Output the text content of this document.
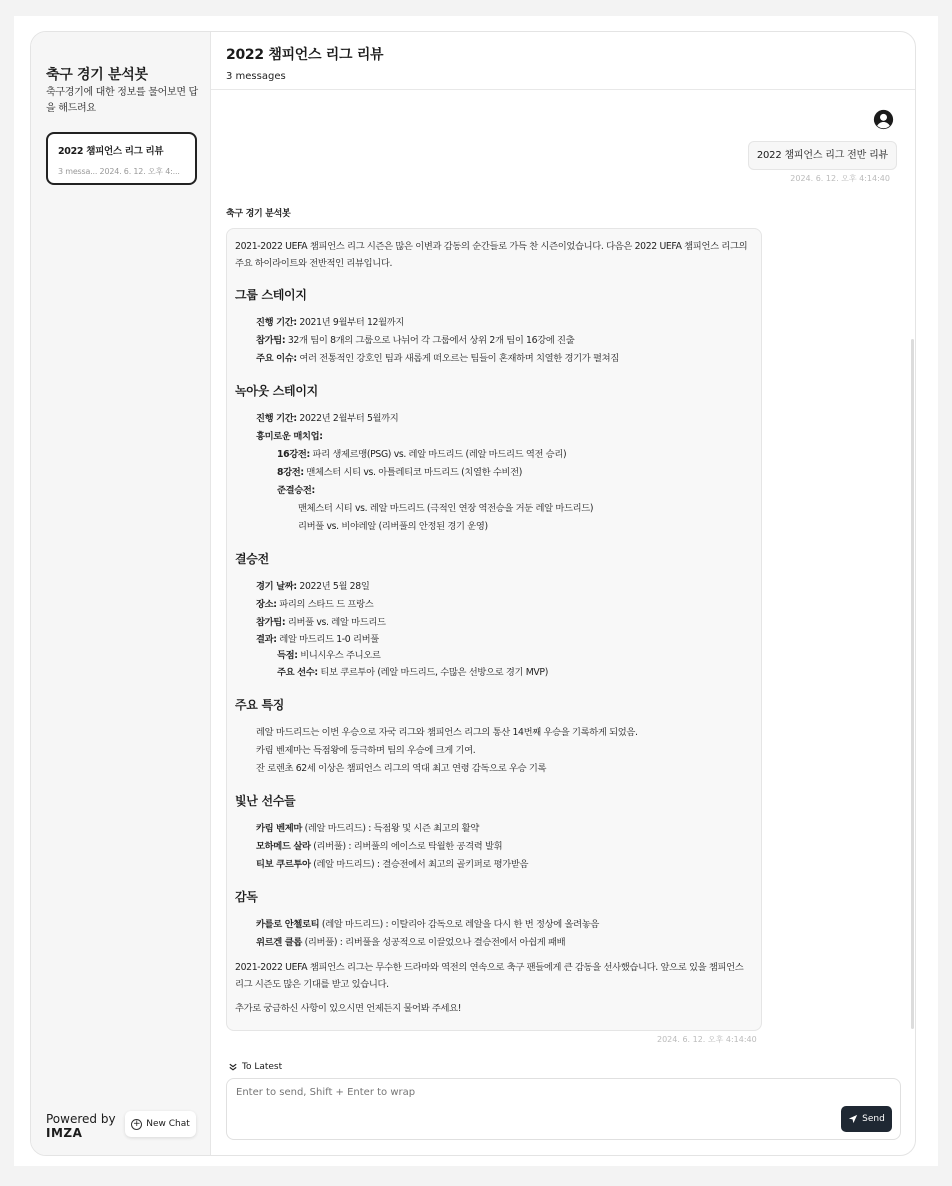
축구 경기 분석봇
축구경기에 대한 정보를 물어보면 답을 해드려요
2022 챔피언스 리그 리뷰
3 messa... 2024. 6. 12. 오후 4:...
Powered by
IMZA
+ New Chat
2022 챔피언스 리그 리뷰
3 messages
2022 챔피언스 리그 전반 리뷰
2024. 6. 12. 오후 4:14:40
축구 경기 분석봇

2021-2022 UEFA 챔피언스 리그 시즌은 많은 이변과 감동의 순간들로 가득 찬 시즌이었습니다. 다음은 2022 UEFA 챔피언스 리그의 주요 하이라이트와 전반적인 리뷰입니다.

그룹 스테이지
진행 기간: 2021년 9월부터 12월까지
참가팀: 32개 팀이 8개의 그룹으로 나뉘어 각 그룹에서 상위 2개 팀이 16강에 진출
주요 이슈: 여러 전통적인 강호인 팀과 새롭게 떠오르는 팀들이 혼재하며 치열한 경기가 펼쳐짐
녹아웃 스테이지
진행 기간: 2022년 2월부터 5월까지
흥미로운 매치업:
16강전: 파리 생제르맹(PSG) vs. 레알 마드리드 (레알 마드리드 역전 승리)
8강전: 맨체스터 시티 vs. 아틀레티코 마드리드 (치열한 수비전)
준결승전:
맨체스터 시티 vs. 레알 마드리드 (극적인 연장 역전승을 거둔 레알 마드리드)
리버풀 vs. 비야레알 (리버풀의 안정된 경기 운영)
결승전
경기 날짜: 2022년 5월 28일
장소: 파리의 스타드 드 프랑스
참가팀: 리버풀 vs. 레알 마드리드
결과: 레알 마드리드 1-0 리버풀
득점: 비니시우스 주니오르
주요 선수: 티보 쿠르투아 (레알 마드리드, 수많은 선방으로 경기 MVP)
주요 특징
레알 마드리드는 이번 우승으로 자국 리그와 챔피언스 리그의 통산 14번째 우승을 기록하게 되었음.
카림 벤제마는 득점왕에 등극하며 팀의 우승에 크게 기여.
잔 로렌초 62세 이상은 챔피언스 리그의 역대 최고 연령 감독으로 우승 기록
빛난 선수들
카림 벤제마 (레알 마드리드) : 득점왕 및 시즌 최고의 활약
모하메드 살라 (리버풀) : 리버풀의 에이스로 탁월한 공격력 발휘
티보 쿠르투아 (레알 마드리드) : 결승전에서 최고의 골키퍼로 평가받음
감독
카를로 안첼로티 (레알 마드리드) : 이탈리아 감독으로 레알을 다시 한 번 정상에 올려놓음
위르겐 클롭 (리버풀) : 리버풀을 성공적으로 이끌었으나 결승전에서 아쉽게 패배

2021-2022 UEFA 챔피언스 리그는 무수한 드라마와 역전의 연속으로 축구 팬들에게 큰 감동을 선사했습니다. 앞으로 있을 챔피언스 리그 시즌도 많은 기대를 받고 있습니다.

추가로 궁금하신 사항이 있으시면 언제든지 물어봐 주세요!

2024. 6. 12. 오후 4:14:40
To Latest
Enter to send, Shift + Enter to wrap
Send
